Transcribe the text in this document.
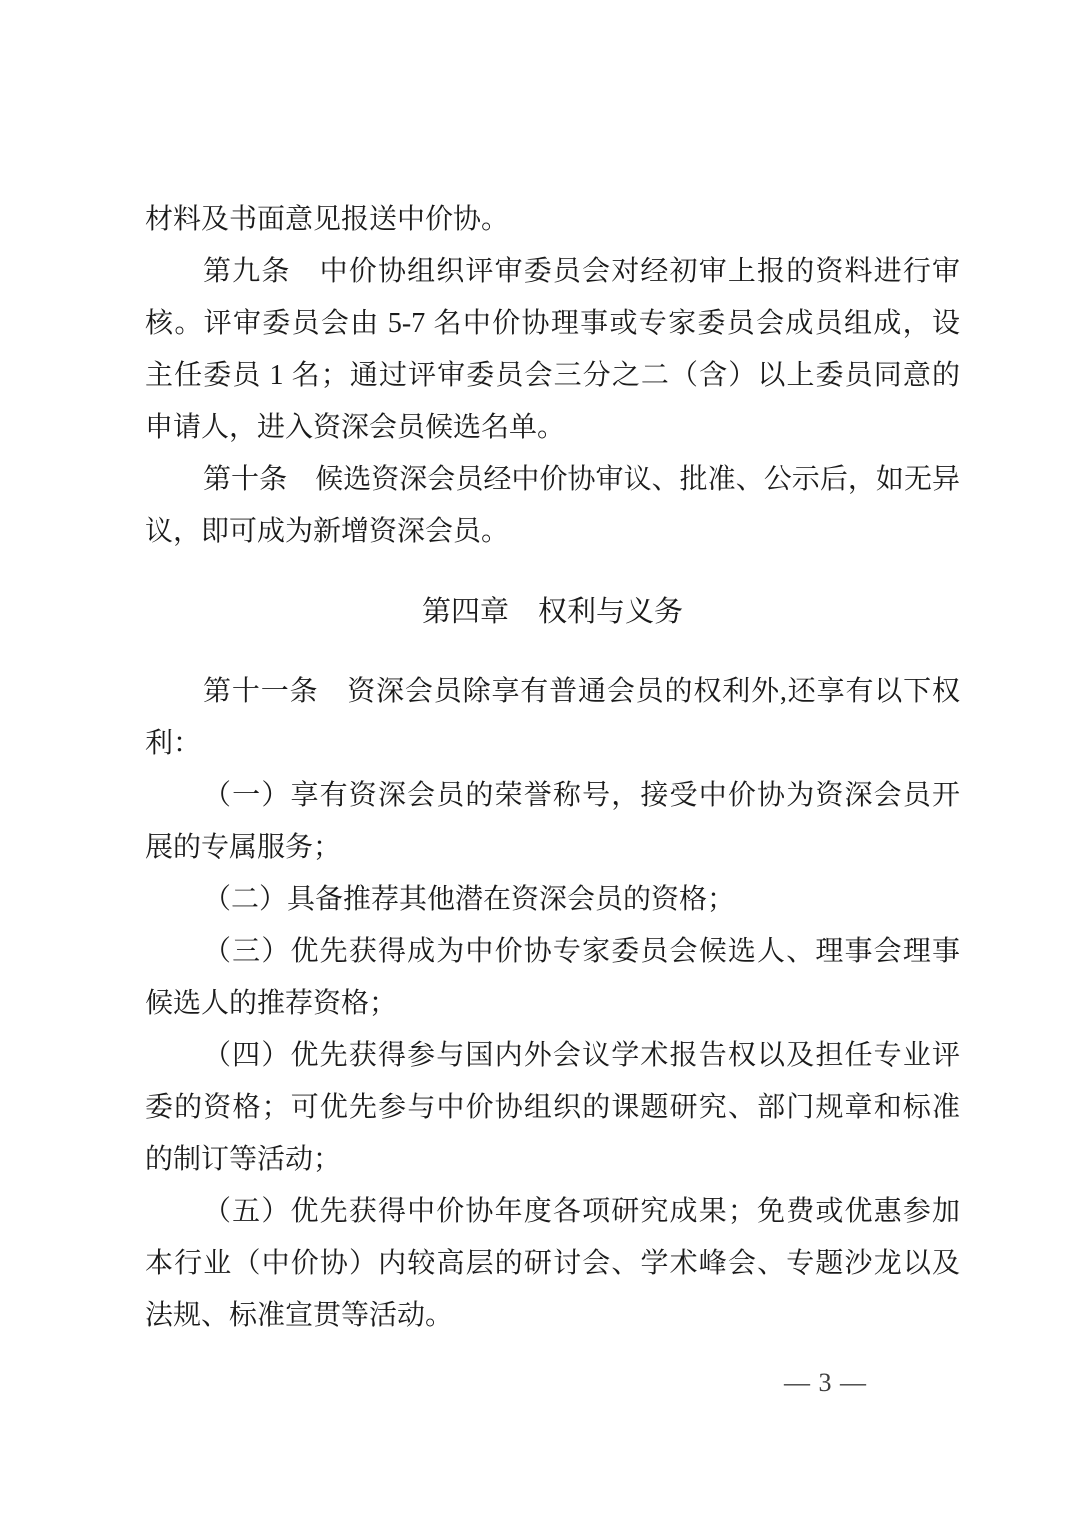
材料及书面意见报送中价协。
第九条　中价协组织评审委员会对经初审上报的资料进行审
核。评审委员会由 5-7 名中价协理事或专家委员会成员组成，设
主任委员 1 名；通过评审委员会三分之二（含）以上委员同意的
申请人，进入资深会员候选名单。
第十条　候选资深会员经中价协审议、批准、公示后，如无异
议，即可成为新增资深会员。
第四章　权利与义务
第十一条　资深会员除享有普通会员的权利外,还享有以下权
利：
（一）享有资深会员的荣誉称号，接受中价协为资深会员开
展的专属服务；
（二）具备推荐其他潜在资深会员的资格；
（三）优先获得成为中价协专家委员会候选人、理事会理事
候选人的推荐资格；
（四）优先获得参与国内外会议学术报告权以及担任专业评
委的资格；可优先参与中价协组织的课题研究、部门规章和标准
的制订等活动；
（五）优先获得中价协年度各项研究成果；免费或优惠参加
本行业（中价协）内较高层的研讨会、学术峰会、专题沙龙以及
法规、标准宣贯等活动。
— 3 —
